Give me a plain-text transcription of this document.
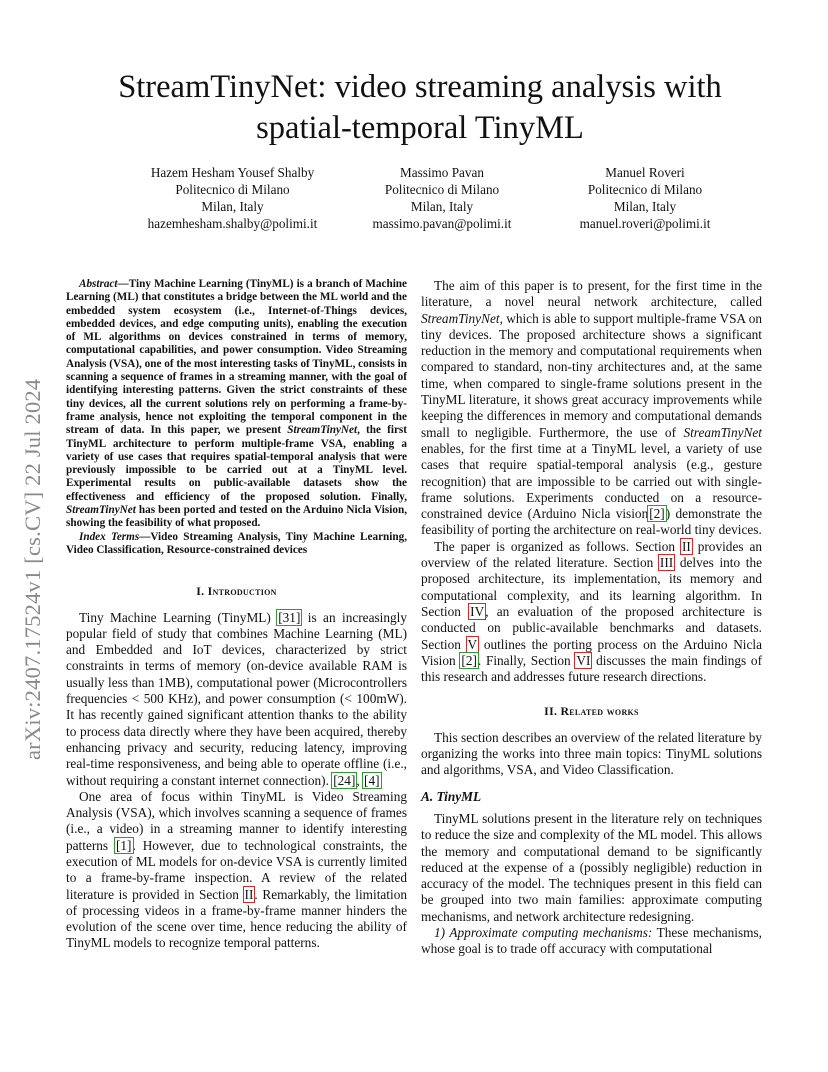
arXiv:2407.17524v1 [cs.CV] 22 Jul 2024
StreamTinyNet: video streaming analysis with spatial-temporal TinyML
Hazem Hesham Yousef Shalby
Politecnico di Milano
Milan, Italy
hazemhesham.shalby@polimi.it
Massimo Pavan
Politecnico di Milano
Milan, Italy
massimo.pavan@polimi.it
Manuel Roveri
Politecnico di Milano
Milan, Italy
manuel.roveri@polimi.it

Abstract—Tiny Machine Learning (TinyML) is a branch of Machine Learning (ML) that constitutes a bridge between the ML world and the embedded system ecosystem (i.e., Internet-of-Things devices, embedded devices, and edge computing units), enabling the execution of ML algorithms on devices constrained in terms of memory, computational capabilities, and power consumption. Video Streaming Analysis (VSA), one of the most interesting tasks of TinyML, consists in scanning a sequence of frames in a streaming manner, with the goal of identifying interesting patterns. Given the strict constraints of these tiny devices, all the current solutions rely on performing a frame-by-frame analysis, hence not exploiting the temporal component in the stream of data. In this paper, we present StreamTinyNet, the first TinyML architecture to perform multiple-frame VSA, enabling a variety of use cases that requires spatial-temporal analysis that were previously impossible to be carried out at a TinyML level. Experimental results on public-available datasets show the effectiveness and efficiency of the proposed solution. Finally, StreamTinyNet has been ported and tested on the Arduino Nicla Vision, showing the feasibility of what proposed.

Index Terms—Video Streaming Analysis, Tiny Machine Learning, Video Classification, Resource-constrained devices

I. Introduction

Tiny Machine Learning (TinyML) [31] is an increasingly popular field of study that combines Machine Learning (ML) and Embedded and IoT devices, characterized by strict constraints in terms of memory (on-device available RAM is usually less than 1MB), computational power (Microcontrollers frequencies < 500 KHz), and power consumption (< 100mW). It has recently gained significant attention thanks to the ability to process data directly where they have been acquired, thereby enhancing privacy and security, reducing latency, improving real-time responsiveness, and being able to operate offline (i.e., without requiring a constant internet connection). [24], [4]

One area of focus within TinyML is Video Streaming Analysis (VSA), which involves scanning a sequence of frames (i.e., a video) in a streaming manner to identify interesting patterns [1]. However, due to technological constraints, the execution of ML models for on-device VSA is currently limited to a frame-by-frame inspection. A review of the related literature is provided in Section II. Remarkably, the limitation of processing videos in a frame-by-frame manner hinders the evolution of the scene over time, hence reducing the ability of TinyML models to recognize temporal patterns.

The aim of this paper is to present, for the first time in the literature, a novel neural network architecture, called StreamTinyNet, which is able to support multiple-frame VSA on tiny devices. The proposed architecture shows a significant reduction in the memory and computational requirements when compared to standard, non-tiny architectures and, at the same time, when compared to single-frame solutions present in the TinyML literature, it shows great accuracy improvements while keeping the differences in memory and computational demands small to negligible. Furthermore, the use of StreamTinyNet enables, for the first time at a TinyML level, a variety of use cases that require spatial-temporal analysis (e.g., gesture recognition) that are impossible to be carried out with single-frame solutions. Experiments conducted on a resource-constrained device (Arduino Nicla vision[2]) demonstrate the feasibility of porting the architecture on real-world tiny devices.

The paper is organized as follows. Section II provides an overview of the related literature. Section III delves into the proposed architecture, its implementation, its memory and computational complexity, and its learning algorithm. In Section IV, an evaluation of the proposed architecture is conducted on public-available benchmarks and datasets. Section V outlines the porting process on the Arduino Nicla Vision [2]. Finally, Section VI discusses the main findings of this research and addresses future research directions.

II. Related works

This section describes an overview of the related literature by organizing the works into three main topics: TinyML solutions and algorithms, VSA, and Video Classification.

A. TinyML

TinyML solutions present in the literature rely on techniques to reduce the size and complexity of the ML model. This allows the memory and computational demand to be significantly reduced at the expense of a (possibly negligible) reduction in accuracy of the model. The techniques present in this field can be grouped into two main families: approximate computing mechanisms, and network architecture redesigning.

1) Approximate computing mechanisms: These mechanisms, whose goal is to trade off accuracy with computational
